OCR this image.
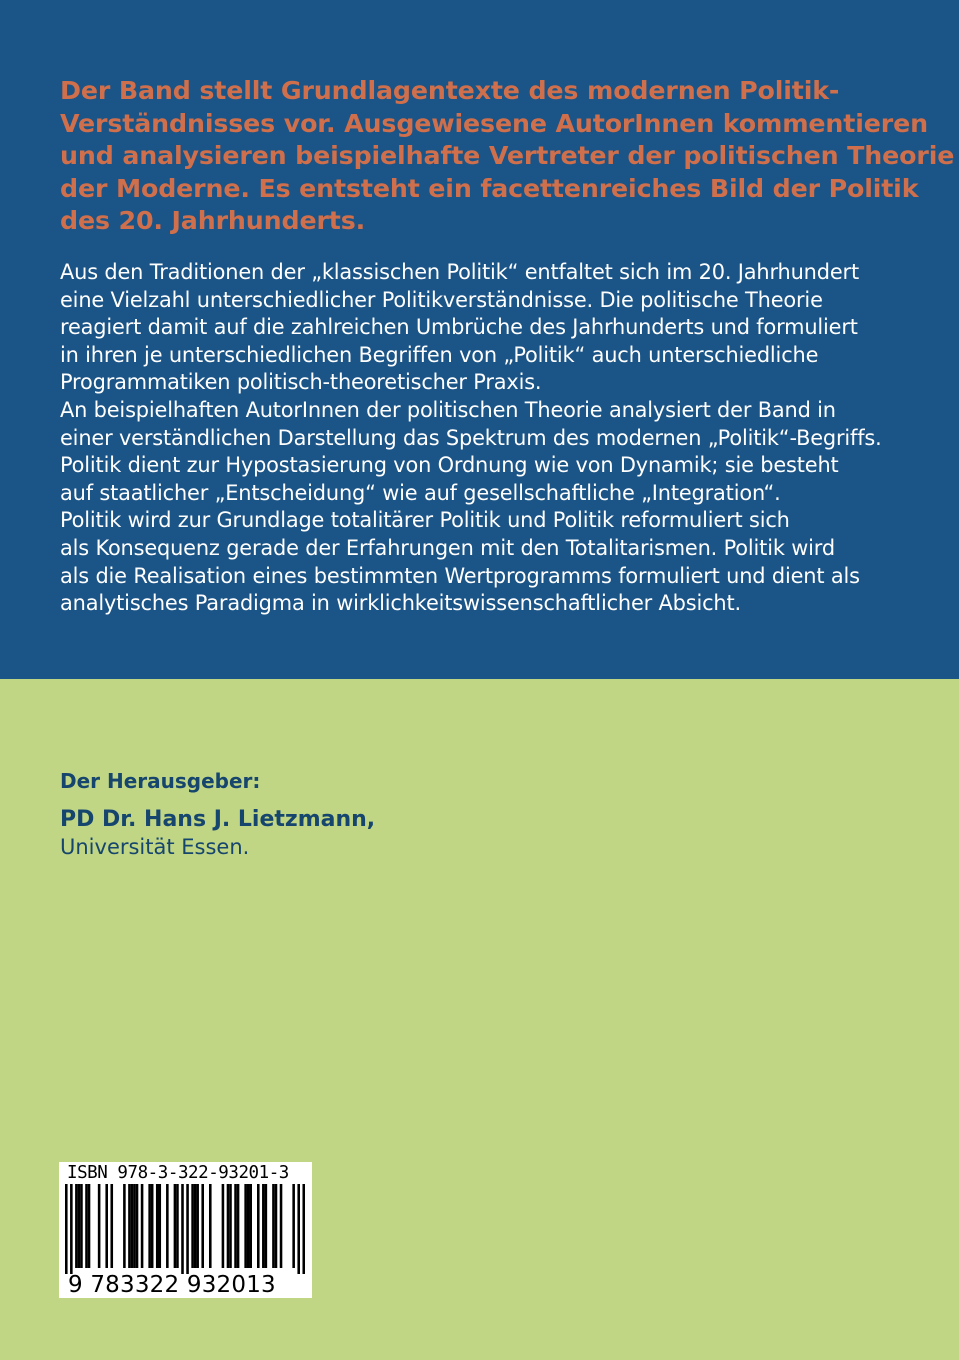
Der Band stellt Grundlagentexte des modernen Politik-
Verständnisses vor. Ausgewiesene AutorInnen kommentieren
und analysieren beispielhafte Vertreter der politischen Theorie
der Moderne. Es entsteht ein facettenreiches Bild der Politik
des 20. Jahrhunderts.

Aus den Traditionen der „klassischen Politik“ entfaltet sich im 20. Jahrhundert
eine Vielzahl unterschiedlicher Politikverständnisse. Die politische Theorie
reagiert damit auf die zahlreichen Umbrüche des Jahrhunderts und formuliert
in ihren je unterschiedlichen Begriffen von „Politik“ auch unterschiedliche
Programmatiken politisch-theoretischer Praxis.
An beispielhaften AutorInnen der politischen Theorie analysiert der Band in
einer verständlichen Darstellung das Spektrum des modernen „Politik“-Begriffs.
Politik dient zur Hypostasierung von Ordnung wie von Dynamik; sie besteht
auf staatlicher „Entscheidung“ wie auf gesellschaftliche „Integration“.
Politik wird zur Grundlage totalitärer Politik und Politik reformuliert sich
als Konsequenz gerade der Erfahrungen mit den Totalitarismen. Politik wird
als die Realisation eines bestimmten Wertprogramms formuliert und dient als
analytisches Paradigma in wirklichkeitswissenschaftlicher Absicht.

Der Herausgeber:

PD Dr. Hans J. Lietzmann,

Universität Essen.

ISBN 978-3-322-93201-3
9 783322 932013
